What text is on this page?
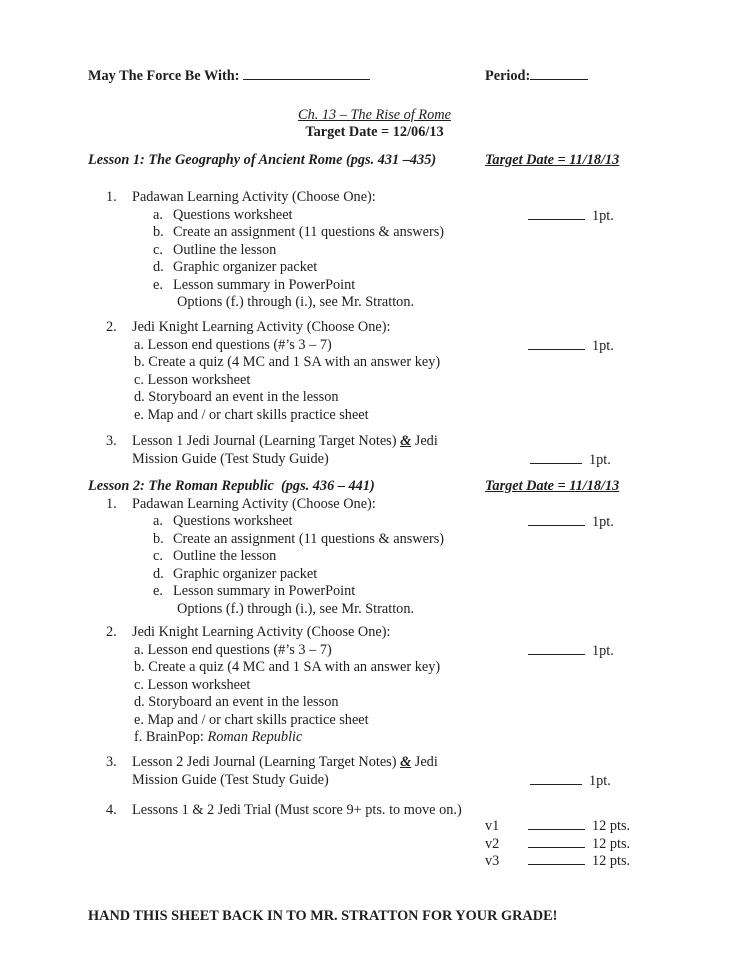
May The Force Be With:	Period:
Ch. 13 – The Rise of Rome
Target Date = 12/06/13
Lesson 1: The Geography of Ancient Rome (pgs. 431 –435)	Target Date = 11/18/13
1. Padawan Learning Activity (Choose One):
a. Questions worksheet
b. Create an assignment (11 questions & answers)
c. Outline the lesson
d. Graphic organizer packet
e. Lesson summary in PowerPoint
Options (f.) through (i.), see Mr. Stratton.
1pt.
2. Jedi Knight Learning Activity (Choose One):
a. Lesson end questions (#’s 3 – 7)
b. Create a quiz (4 MC and 1 SA with an answer key)
c. Lesson worksheet
d. Storyboard an event in the lesson
e. Map and / or chart skills practice sheet
1pt.
3. Lesson 1 Jedi Journal (Learning Target Notes) & Jedi
Mission Guide (Test Study Guide)	1pt.
Lesson 2: The Roman Republic  (pgs. 436 – 441)	Target Date = 11/18/13
1. Padawan Learning Activity (Choose One):
a. Questions worksheet
b. Create an assignment (11 questions & answers)
c. Outline the lesson
d. Graphic organizer packet
e. Lesson summary in PowerPoint
Options (f.) through (i.), see Mr. Stratton.
1pt.
2. Jedi Knight Learning Activity (Choose One):
a. Lesson end questions (#’s 3 – 7)
b. Create a quiz (4 MC and 1 SA with an answer key)
c. Lesson worksheet
d. Storyboard an event in the lesson
e. Map and / or chart skills practice sheet
f. BrainPop: Roman Republic
1pt.
3. Lesson 2 Jedi Journal (Learning Target Notes) & Jedi
Mission Guide (Test Study Guide)	1pt.
4. Lessons 1 & 2 Jedi Trial (Must score 9+ pts. to move on.)
v1	12 pts.
v2	12 pts.
v3	12 pts.
HAND THIS SHEET BACK IN TO MR. STRATTON FOR YOUR GRADE!
